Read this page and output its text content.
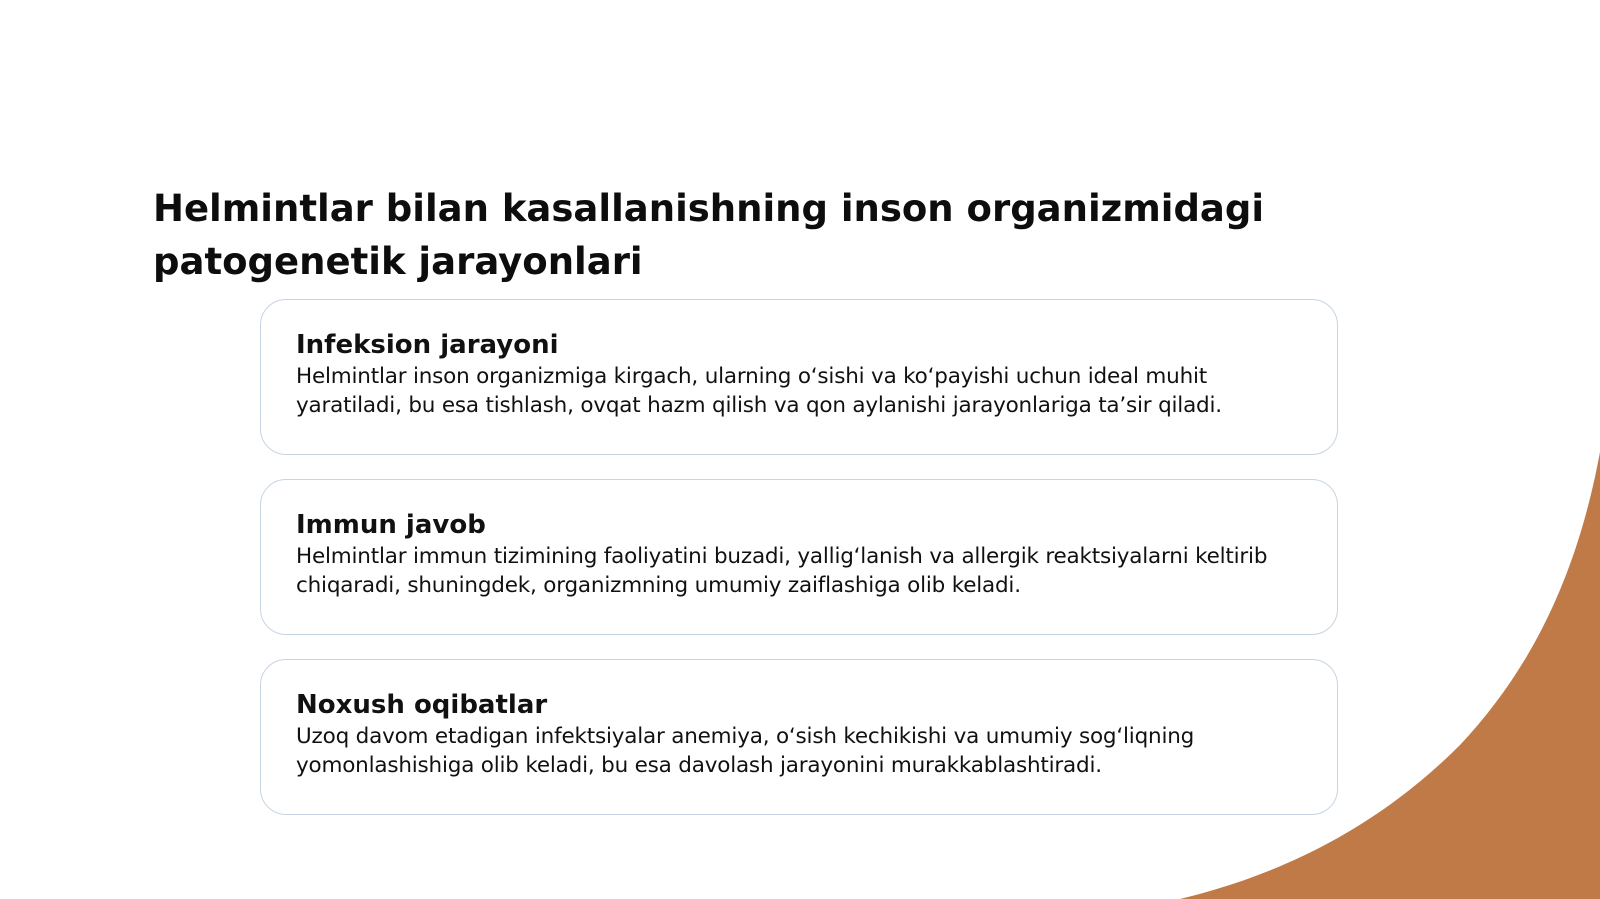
Helmintlar bilan kasallanishning inson organizmidagi patogenetik jarayonlari
Infeksion jarayoni

Helmintlar inson organizmiga kirgach, ularning o‘sishi va ko‘payishi uchun ideal muhit yaratiladi, bu esa tishlash, ovqat hazm qilish va qon aylanishi jarayonlariga ta’sir qiladi.

Immun javob

Helmintlar immun tizimining faoliyatini buzadi, yallig‘lanish va allergik reaktsiyalarni keltirib chiqaradi, shuningdek, organizmning umumiy zaiflashiga olib keladi.

Noxush oqibatlar

Uzoq davom etadigan infektsiyalar anemiya, o‘sish kechikishi va umumiy sog‘liqning yomonlashishiga olib keladi, bu esa davolash jarayonini murakkablashtiradi.
